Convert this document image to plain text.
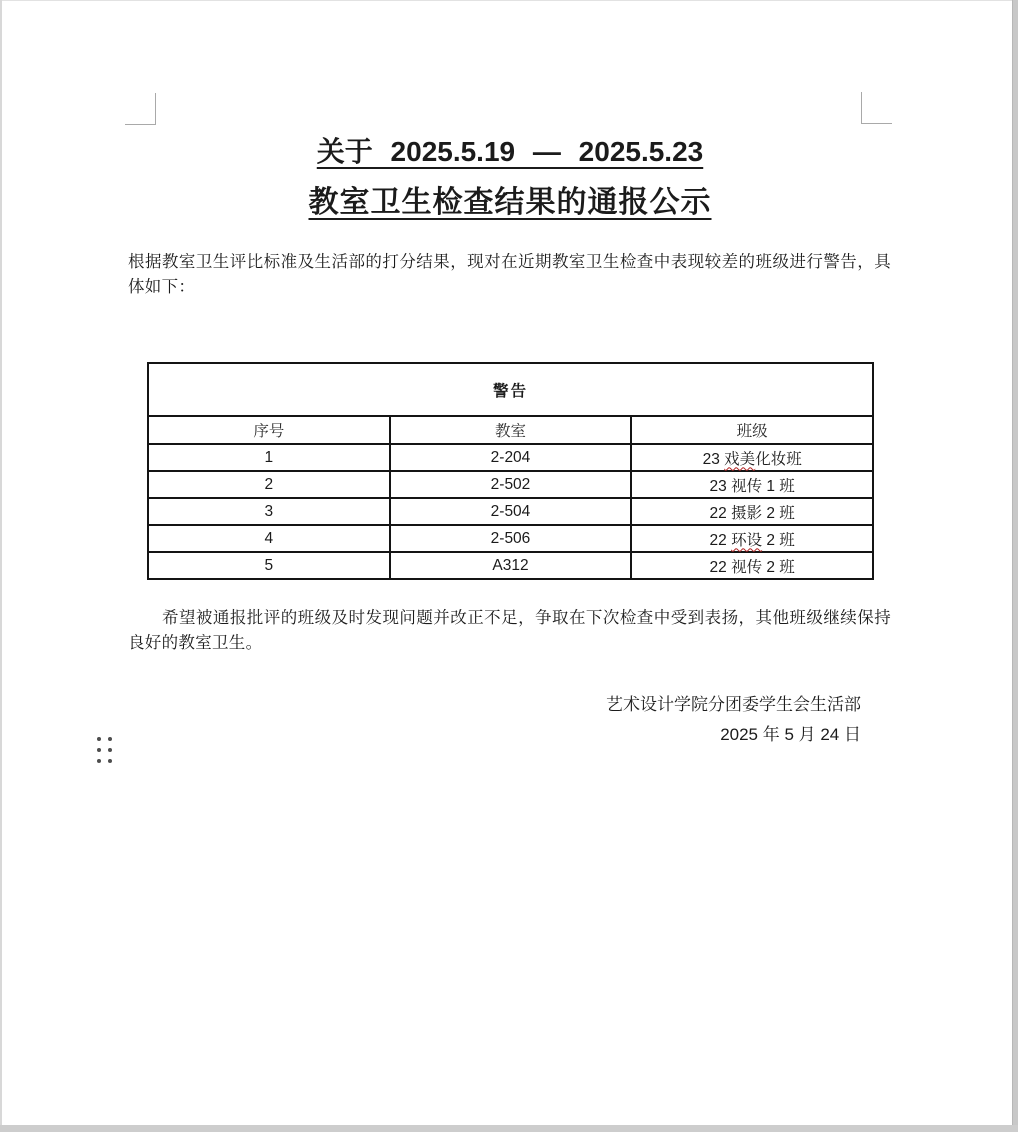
关于 2025.5.19 — 2025.5.23
教室卫生检查结果的通报公示
根据教室卫生评比标准及生活部的打分结果，现对在近期教室卫生检查中表现较差的班级进行警告，具体如下：
警告		
序号	教室	班级
1	2-204	23 戏美化妆班
2	2-502	23 视传 1 班
3	2-504	22 摄影 2 班
4	2-506	22 环设 2 班
5	A312	22 视传 2 班
希望被通报批评的班级及时发现问题并改正不足，争取在下次检查中受到表扬，其他班级继续保持良好的教室卫生。
艺术设计学院分团委学生会生活部
2025 年 5 月 24 日
